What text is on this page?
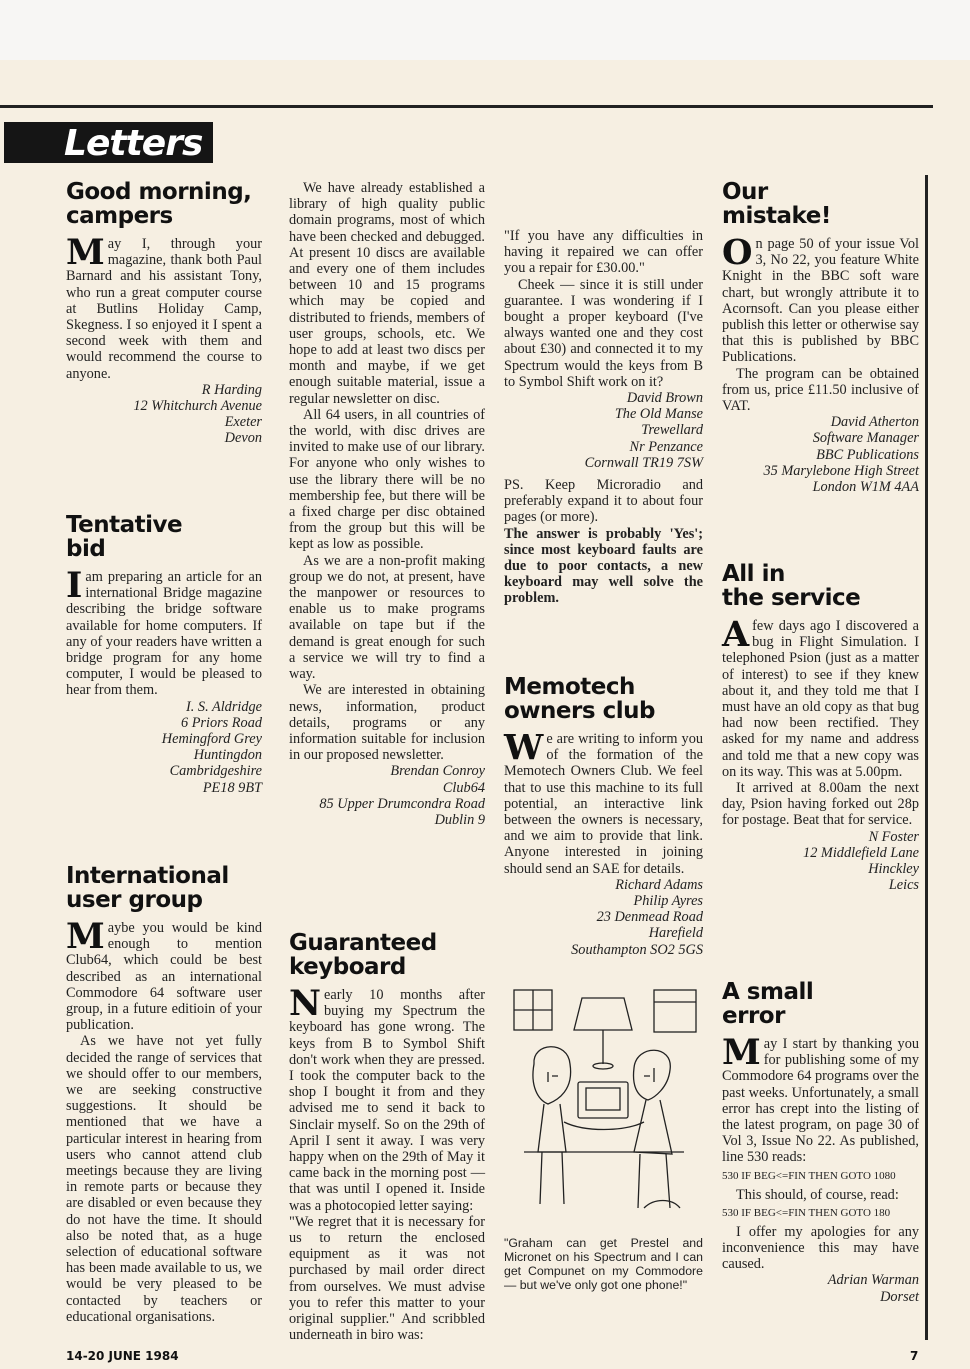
Letters
Good morning,
campers

May I, through your magazine, thank both Paul Barnard and his assistant Tony, who run a great computer course at Butlins Holiday Camp, Skegness. I so enjoyed it I spent a second week with them and would recommend the course to anyone.

R Harding

12 Whitchurch Avenue

Exeter

Devon

Tentative
bid

Iam preparing an article for an international Bridge magazine describing the bridge software available for home computers. If any of your readers have written a bridge program for any home computer, I would be pleased to hear from them.

I. S. Aldridge

6 Priors Road

Hemingford Grey

Huntingdon

Cambridgeshire

PE18 9BT

International
user group

Maybe you would be kind enough to mention Club64, which could be best described as an international Commodore 64 software user group, in a future editioin of your publication.

As we have not yet fully decided the range of services that we should offer to our members, we are seeking constructive suggestions. It should be mentioned that we have a particular interest in hearing from users who cannot attend club meetings because they are living in remote parts or because they are disabled or even because they do not have the time. It should also be noted that, as a huge selection of educational software has been made available to us, we would be very pleased to be contacted by teachers or educational organisations.

We have already established a library of high quality public domain programs, most of which have been checked and debugged. At present 10 discs are available and every one of them includes between 10 and 15 programs which may be copied and distributed to friends, members of user groups, schools, etc. We hope to add at least two discs per month and maybe, if we get enough suitable material, issue a regular newsletter on disc.

All 64 users, in all countries of the world, with disc drives are invited to make use of our library. For anyone who only wishes to use the library there will be no membership fee, but there will be a fixed charge per disc obtained from the group but this will be kept as low as possible.

As we are a non-profit making group we do not, at present, have the manpower or resources to enable us to make programs available on tape but if the demand is great enough for such a service we will try to find a way.

We are interested in obtaining news, information, product details, programs or any information suitable for inclusion in our proposed newsletter.

Brendan Conroy

Club64

85 Upper Drumcondra Road

Dublin 9

Guaranteed
keyboard

Nearly 10 months after buying my Spectrum the keyboard has gone wrong. The keys from B to Symbol Shift don't work when they are pressed. I took the computer back to the shop I bought it from and they advised me to send it back to Sinclair myself. So on the 29th of April I sent it away. I was very happy when on the 29th of May it came back in the morning post — that was until I opened it. Inside was a photocopied letter saying:

"We regret that it is necessary for us to return the enclosed equipment as it was not purchased by mail order direct from ourselves. We must advise you to refer this matter to your original supplier." And scribbled underneath in biro was:

"If you have any difficulties in having it repaired we can offer you a repair for £30.00."

Cheek — since it is still under guarantee. I was wondering if I bought a proper keyboard (I've always wanted one and they cost about £30) and connected it to my Spectrum would the keys from B to Symbol Shift work on it?

David Brown

The Old Manse

Trewellard

Nr Penzance

Cornwall TR19 7SW

PS. Keep Microradio and preferably expand it to about four pages (or more).

The answer is probably 'Yes'; since most keyboard faults are due to poor contacts, a new keyboard may well solve the problem.

Memotech
owners club

We are writing to inform you of the formation of the Memotech Owners Club. We feel that to use this machine to its full potential, an interactive link between the owners is necessary, and we aim to provide that link. Anyone interested in joining should send an SAE for details.

Richard Adams

Philip Ayres

23 Denmead Road

Harefield

Southampton SO2 5GS

"Graham can get Prestel and Micronet on his Spectrum and I can get Compunet on my Commodore — but we've only got one phone!"

Our
mistake!

On page 50 of your issue Vol 3, No 22, you feature White Knight in the BBC soft ware chart, but wrongly attribute it to Acornsoft. Can you please either publish this letter or otherwise say that this is published by BBC Publications.

The program can be obtained from us, price £11.50 inclusive of VAT.

David Atherton

Software Manager

BBC Publications

35 Marylebone High Street

London W1M 4AA

All in
the service

Afew days ago I discovered a bug in Flight Simulation. I telephoned Psion (just as a matter of interest) to see if they knew about it, and they told me that I must have an old copy as that bug had now been rectified. They asked for my name and address and told me that a new copy was on its way. This was at 5.00pm.

It arrived at 8.00am the next day, Psion having forked out 28p for postage. Beat that for service.

N Foster

12 Middlefield Lane

Hinckley

Leics

A small
error

May I start by thanking you for publishing some of my Commodore 64 programs over the past weeks. Unfortunately, a small error has crept into the listing of the latest program, on page 30 of Vol 3, Issue No 22. As published, line 530 reads:

530 IF BEG<=FIN THEN GOTO 1080

This should, of course, read:

530 IF BEG<=FIN THEN GOTO 180

I offer my apologies for any inconvenience this may have caused.

Adrian Warman

Dorset

14-20 JUNE 1984	7
